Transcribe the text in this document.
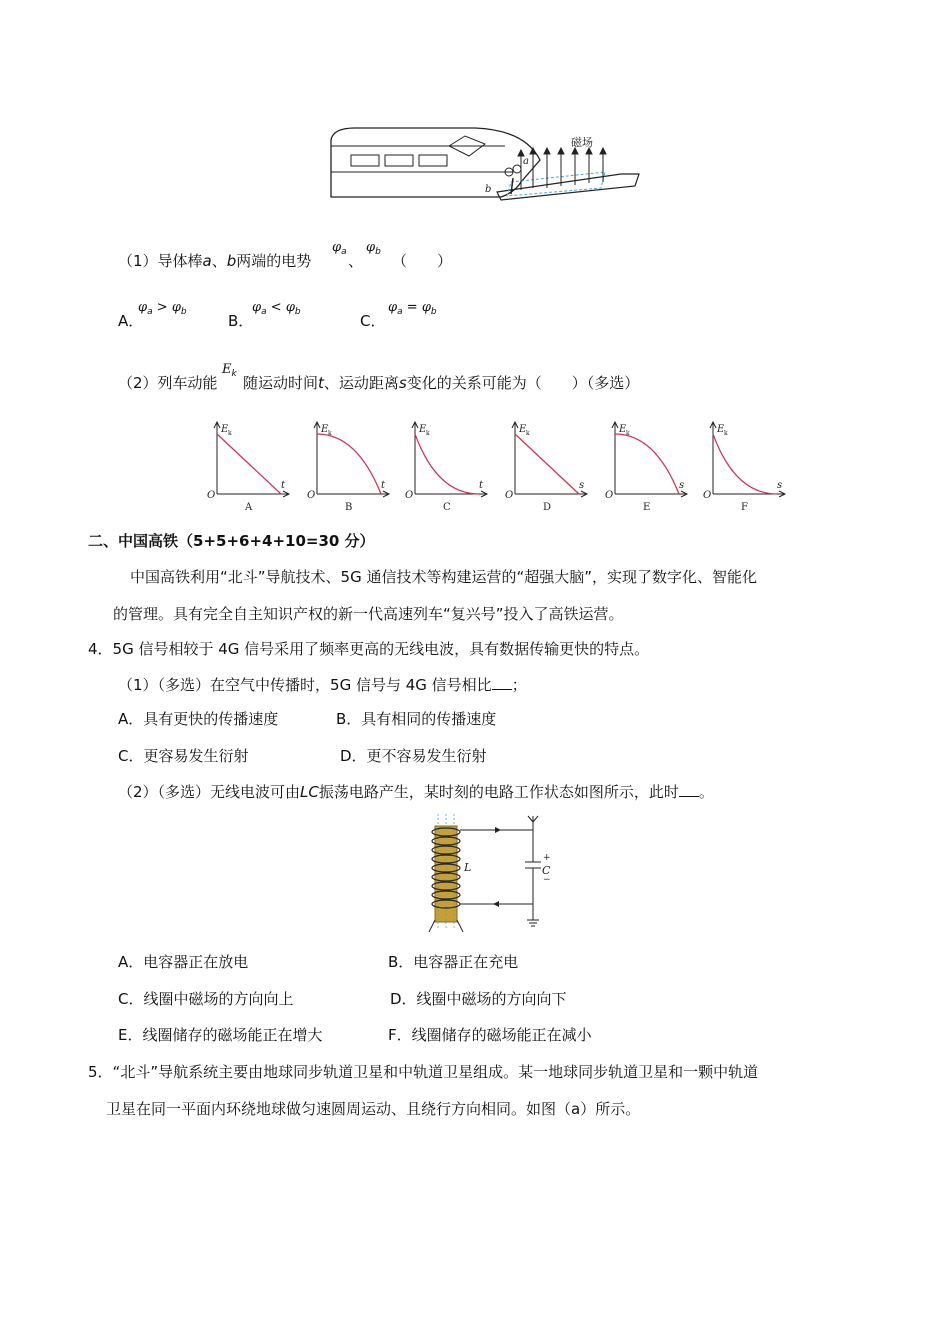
磁场
a
b
（1）导体棒a、b两端的电势
$\varphi_a$ 、
$\varphi_b$ （　　）
A．
$\varphi_a > \varphi_b$	B．
$\varphi_a < \varphi_b$	C．
$\varphi_a = \varphi_b$
（2）列车动能
$E_k$ 随运动时间t、运动距离s变化的关系可能为（　　）（多选）
E k
t
O
A
E k
t
O
B
E k
t
O
C
E k
s
O
D
E k
s
O
E
E k
s
O
F
二、中国高铁（5+5+6+4+10=30 分）
中国高铁利用“北斗”导航技术、5G 通信技术等构建运营的“超强大脑”，实现了数字化、智能化
的管理。具有完全自主知识产权的新一代高速列车“复兴号”投入了高铁运营。
4．5G 信号相较于 4G 信号采用了频率更高的无线电波，具有数据传输更快的特点。
（1）（多选）在空气中传播时，5G 信号与 4G 信号相比 ；
A．具有更快的传播速度	B．具有相同的传播速度
C．更容易发生衍射	D．更不容易发生衍射
（2）（多选）无线电波可由LC振荡电路产生，某时刻的电路工作状态如图所示，此时 。
L	C
+
−
A．电容器正在放电	B．电容器正在充电
C．线圈中磁场的方向向上	D．线圈中磁场的方向向下
E．线圈储存的磁场能正在增大	F．线圈储存的磁场能正在减小
5．“北斗”导航系统主要由地球同步轨道卫星和中轨道卫星组成。某一地球同步轨道卫星和一颗中轨道
卫星在同一平面内环绕地球做匀速圆周运动、且绕行方向相同。如图（a）所示。
